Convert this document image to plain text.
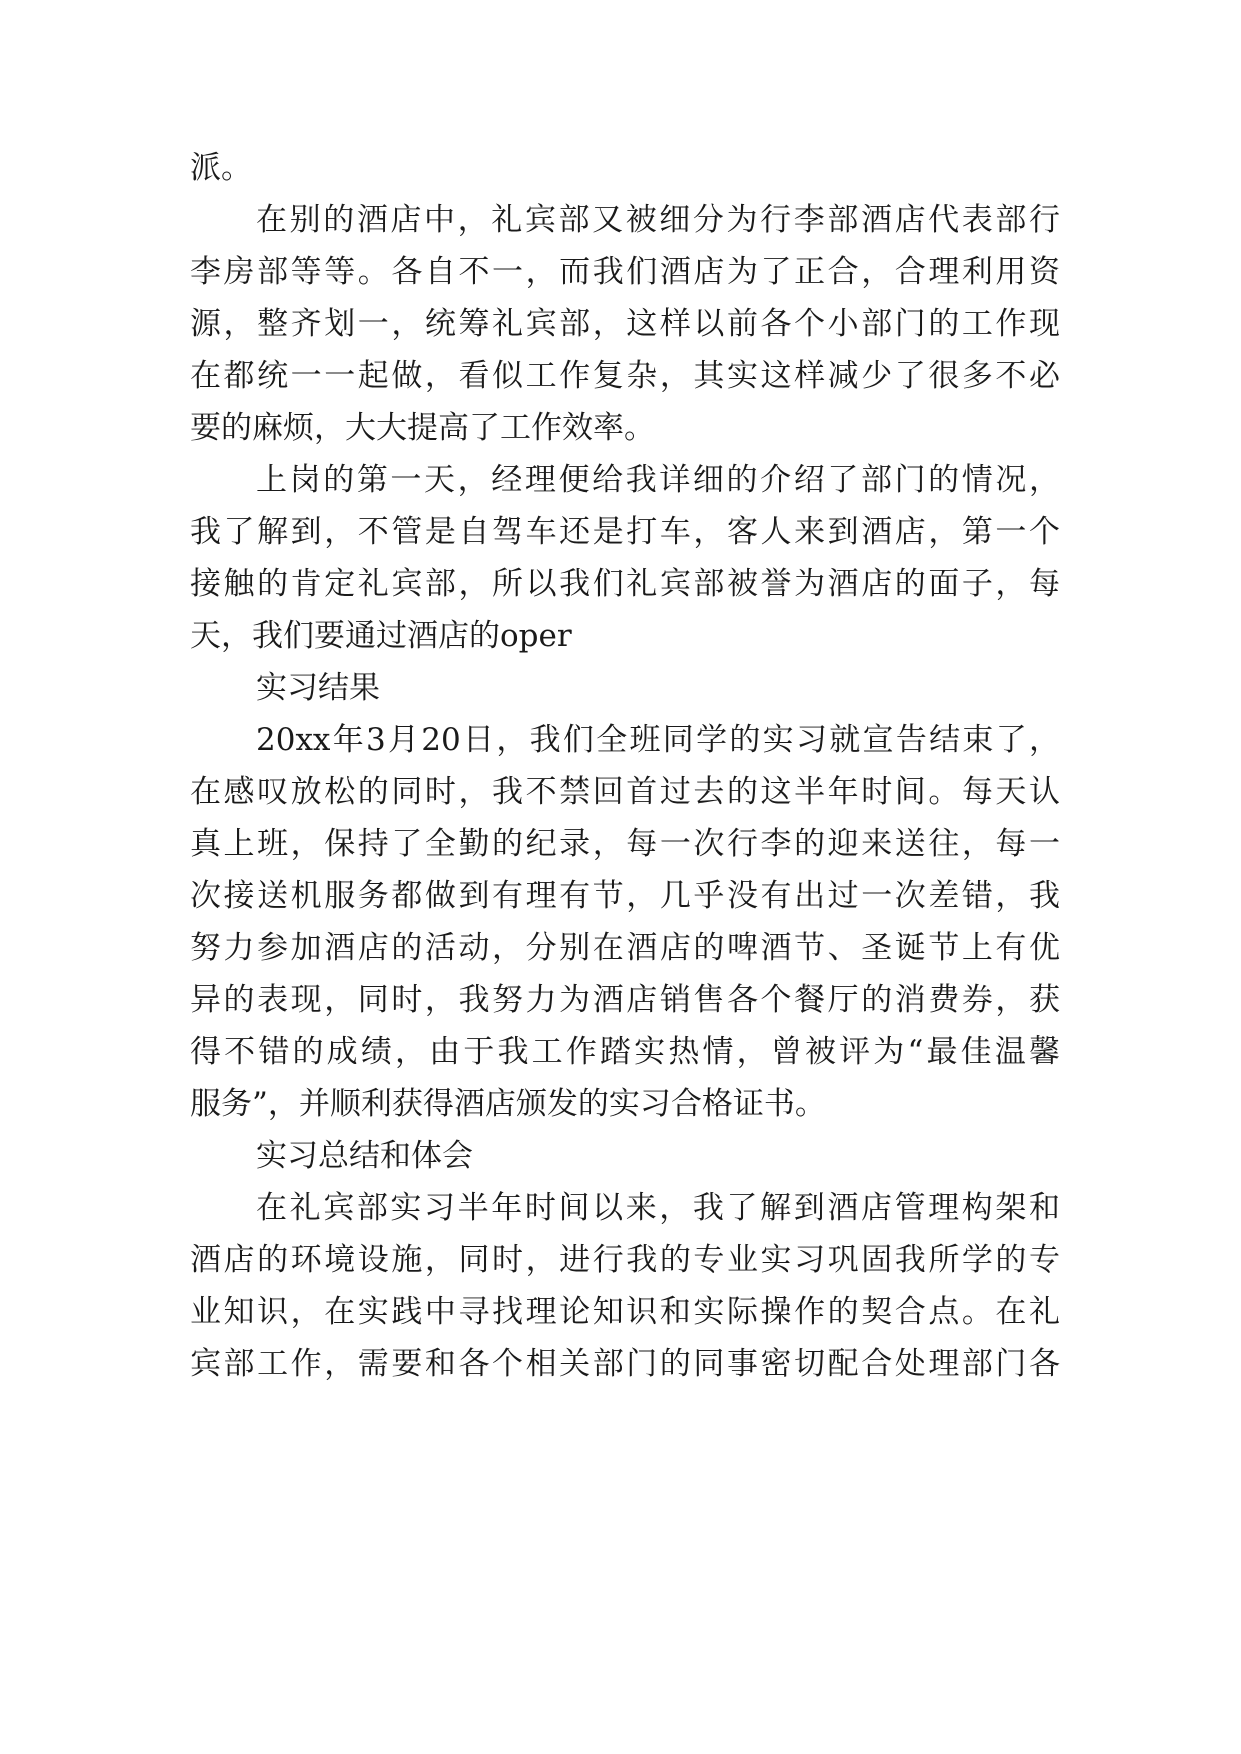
派。
在别的酒店中，礼宾部又被细分为行李部酒店代表部行
李房部等等。各自不一，而我们酒店为了正合，合理利用资
源，整齐划一，统筹礼宾部，这样以前各个小部门的工作现
在都统一一起做，看似工作复杂，其实这样减少了很多不必
要的麻烦，大大提高了工作效率。
上岗的第一天，经理便给我详细的介绍了部门的情况，
我了解到，不管是自驾车还是打车，客人来到酒店，第一个
接触的肯定礼宾部，所以我们礼宾部被誉为酒店的面子，每
天，我们要通过酒店的oper
实习结果
20xx年3月20日，我们全班同学的实习就宣告结束了，
在感叹放松的同时，我不禁回首过去的这半年时间。每天认
真上班，保持了全勤的纪录，每一次行李的迎来送往，每一
次接送机服务都做到有理有节，几乎没有出过一次差错，我
努力参加酒店的活动，分别在酒店的啤酒节、圣诞节上有优
异的表现，同时，我努力为酒店销售各个餐厅的消费券，获
得不错的成绩，由于我工作踏实热情，曾被评为“最佳温馨
服务”，并顺利获得酒店颁发的实习合格证书。
实习总结和体会
在礼宾部实习半年时间以来，我了解到酒店管理构架和
酒店的环境设施，同时，进行我的专业实习巩固我所学的专
业知识，在实践中寻找理论知识和实际操作的契合点。在礼
宾部工作，需要和各个相关部门的同事密切配合处理部门各
